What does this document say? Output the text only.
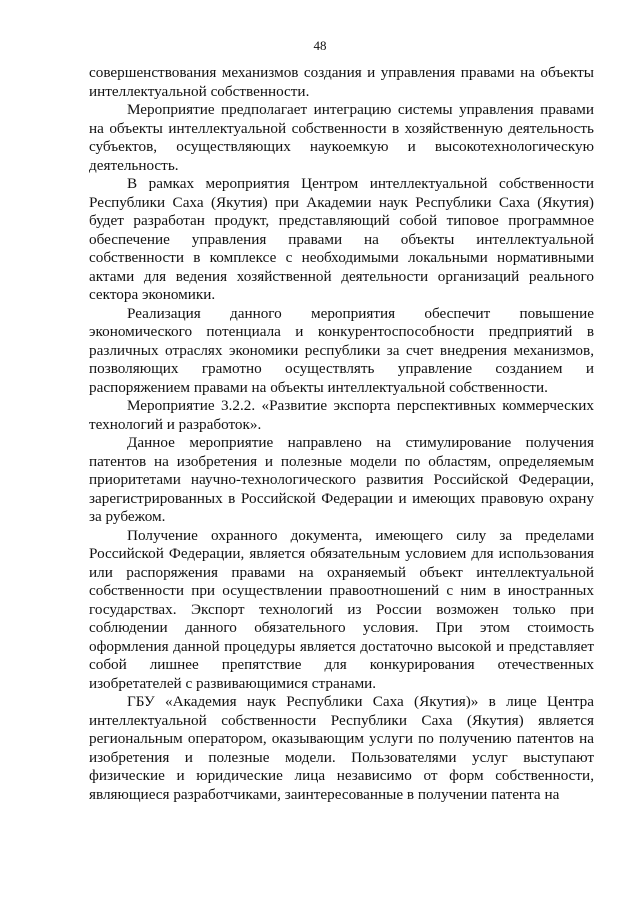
48

совершенствования механизмов создания и управления правами на объекты интеллектуальной собственности.

Мероприятие предполагает интеграцию системы управления правами на объекты интеллектуальной собственности в хозяйственную деятельность субъектов, осуществляющих наукоемкую и высокотехнологическую деятельность.

В рамках мероприятия Центром интеллектуальной собственности Республики Саха (Якутия) при Академии наук Республики Саха (Якутия) будет разработан продукт, представляющий собой типовое программное обеспечение управления правами на объекты интеллектуальной собственности в комплексе с необходимыми локальными нормативными актами для ведения хозяйственной деятельности организаций реального сектора экономики.

Реализация данного мероприятия обеспечит повышение экономического потенциала и конкурентоспособности предприятий в различных отраслях экономики республики за счет внедрения механизмов, позволяющих грамотно осуществлять управление созданием и распоряжением правами на объекты интеллектуальной собственности.

Мероприятие 3.2.2. «Развитие экспорта перспективных коммерческих технологий и разработок».

Данное мероприятие направлено на стимулирование получения патентов на изобретения и полезные модели по областям, определяемым приоритетами научно-технологического развития Российской Федерации, зарегистрированных в Российской Федерации и имеющих правовую охрану за рубежом.

Получение охранного документа, имеющего силу за пределами Российской Федерации, является обязательным условием для использования или распоряжения правами на охраняемый объект интеллектуальной собственности при осуществлении правоотношений с ним в иностранных государствах. Экспорт технологий из России возможен только при соблюдении данного обязательного условия. При этом стоимость оформления данной процедуры является достаточно высокой и представляет собой лишнее препятствие для конкурирования отечественных изобретателей с развивающимися странами.

ГБУ «Академия наук Республики Саха (Якутия)» в лице Центра интеллектуальной собственности Республики Саха (Якутия) является региональным оператором, оказывающим услуги по получению патентов на изобретения и полезные модели. Пользователями услуг выступают физические и юридические лица независимо от форм собственности, являющиеся разработчиками, заинтересованные в получении патента на
